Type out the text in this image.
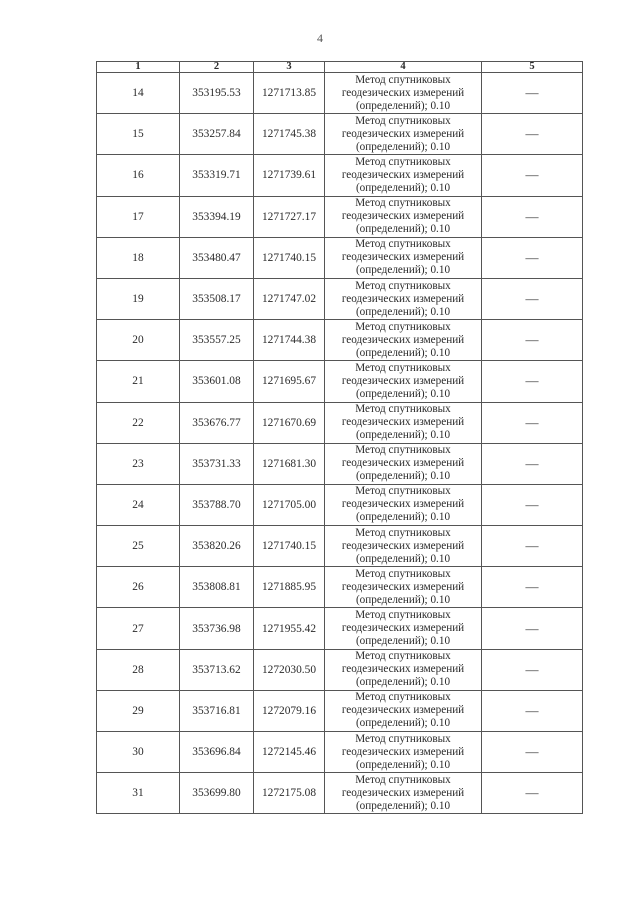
4
1	2	3	4	5
14	353195.53	1271713.85	Метод спутниковых геодезических измерений (определений); 0.10	—
15	353257.84	1271745.38	Метод спутниковых геодезических измерений (определений); 0.10	—
16	353319.71	1271739.61	Метод спутниковых геодезических измерений (определений); 0.10	—
17	353394.19	1271727.17	Метод спутниковых геодезических измерений (определений); 0.10	—
18	353480.47	1271740.15	Метод спутниковых геодезических измерений (определений); 0.10	—
19	353508.17	1271747.02	Метод спутниковых геодезических измерений (определений); 0.10	—
20	353557.25	1271744.38	Метод спутниковых геодезических измерений (определений); 0.10	—
21	353601.08	1271695.67	Метод спутниковых геодезических измерений (определений); 0.10	—
22	353676.77	1271670.69	Метод спутниковых геодезических измерений (определений); 0.10	—
23	353731.33	1271681.30	Метод спутниковых геодезических измерений (определений); 0.10	—
24	353788.70	1271705.00	Метод спутниковых геодезических измерений (определений); 0.10	—
25	353820.26	1271740.15	Метод спутниковых геодезических измерений (определений); 0.10	—
26	353808.81	1271885.95	Метод спутниковых геодезических измерений (определений); 0.10	—
27	353736.98	1271955.42	Метод спутниковых геодезических измерений (определений); 0.10	—
28	353713.62	1272030.50	Метод спутниковых геодезических измерений (определений); 0.10	—
29	353716.81	1272079.16	Метод спутниковых геодезических измерений (определений); 0.10	—
30	353696.84	1272145.46	Метод спутниковых геодезических измерений (определений); 0.10	—
31	353699.80	1272175.08	Метод спутниковых геодезических измерений (определений); 0.10	—
